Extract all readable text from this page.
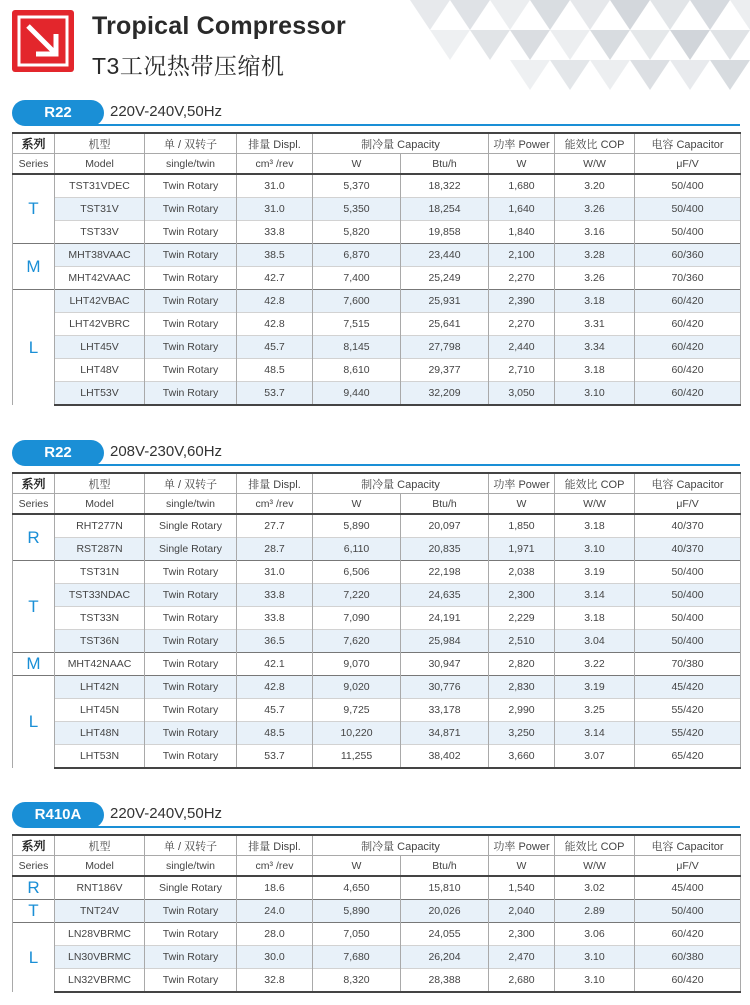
Tropical Compressor
T3工况热带压缩机
R22	220V-240V,50Hz
系列	机型	单 / 双转子	排量 Displ.	制冷量 Capacity		功率 Power	能效比 COP	电容 Capacitor
Series	Model	single/twin	cm³ /rev	W	Btu/h	W	W/W	μF/V
T	TST31VDEC	Twin Rotary	31.0	5,370	18,322	1,680	3.20	50/400
	TST31V	Twin Rotary	31.0	5,350	18,254	1,640	3.26	50/400
	TST33V	Twin Rotary	33.8	5,820	19,858	1,840	3.16	50/400
M	MHT38VAAC	Twin Rotary	38.5	6,870	23,440	2,100	3.28	60/360
	MHT42VAAC	Twin Rotary	42.7	7,400	25,249	2,270	3.26	70/360
L	LHT42VBAC	Twin Rotary	42.8	7,600	25,931	2,390	3.18	60/420
	LHT42VBRC	Twin Rotary	42.8	7,515	25,641	2,270	3.31	60/420
	LHT45V	Twin Rotary	45.7	8,145	27,798	2,440	3.34	60/420
	LHT48V	Twin Rotary	48.5	8,610	29,377	2,710	3.18	60/420
	LHT53V	Twin Rotary	53.7	9,440	32,209	3,050	3.10	60/420
R22	208V-230V,60Hz
系列	机型	单 / 双转子	排量 Displ.	制冷量 Capacity		功率 Power	能效比 COP	电容 Capacitor
Series	Model	single/twin	cm³ /rev	W	Btu/h	W	W/W	μF/V
R	RHT277N	Single Rotary	27.7	5,890	20,097	1,850	3.18	40/370
	RST287N	Single Rotary	28.7	6,110	20,835	1,971	3.10	40/370
T	TST31N	Twin Rotary	31.0	6,506	22,198	2,038	3.19	50/400
	TST33NDAC	Twin Rotary	33.8	7,220	24,635	2,300	3.14	50/400
	TST33N	Twin Rotary	33.8	7,090	24,191	2,229	3.18	50/400
	TST36N	Twin Rotary	36.5	7,620	25,984	2,510	3.04	50/400
M	MHT42NAAC	Twin Rotary	42.1	9,070	30,947	2,820	3.22	70/380
L	LHT42N	Twin Rotary	42.8	9,020	30,776	2,830	3.19	45/420
	LHT45N	Twin Rotary	45.7	9,725	33,178	2,990	3.25	55/420
	LHT48N	Twin Rotary	48.5	10,220	34,871	3,250	3.14	55/420
	LHT53N	Twin Rotary	53.7	11,255	38,402	3,660	3.07	65/420
R410A	220V-240V,50Hz
系列	机型	单 / 双转子	排量 Displ.	制冷量 Capacity		功率 Power	能效比 COP	电容 Capacitor
Series	Model	single/twin	cm³ /rev	W	Btu/h	W	W/W	μF/V
R	RNT186V	Single Rotary	18.6	4,650	15,810	1,540	3.02	45/400
T	TNT24V	Twin Rotary	24.0	5,890	20,026	2,040	2.89	50/400
L	LN28VBRMC	Twin Rotary	28.0	7,050	24,055	2,300	3.06	60/420
	LN30VBRMC	Twin Rotary	30.0	7,680	26,204	2,470	3.10	60/380
	LN32VBRMC	Twin Rotary	32.8	8,320	28,388	2,680	3.10	60/420
